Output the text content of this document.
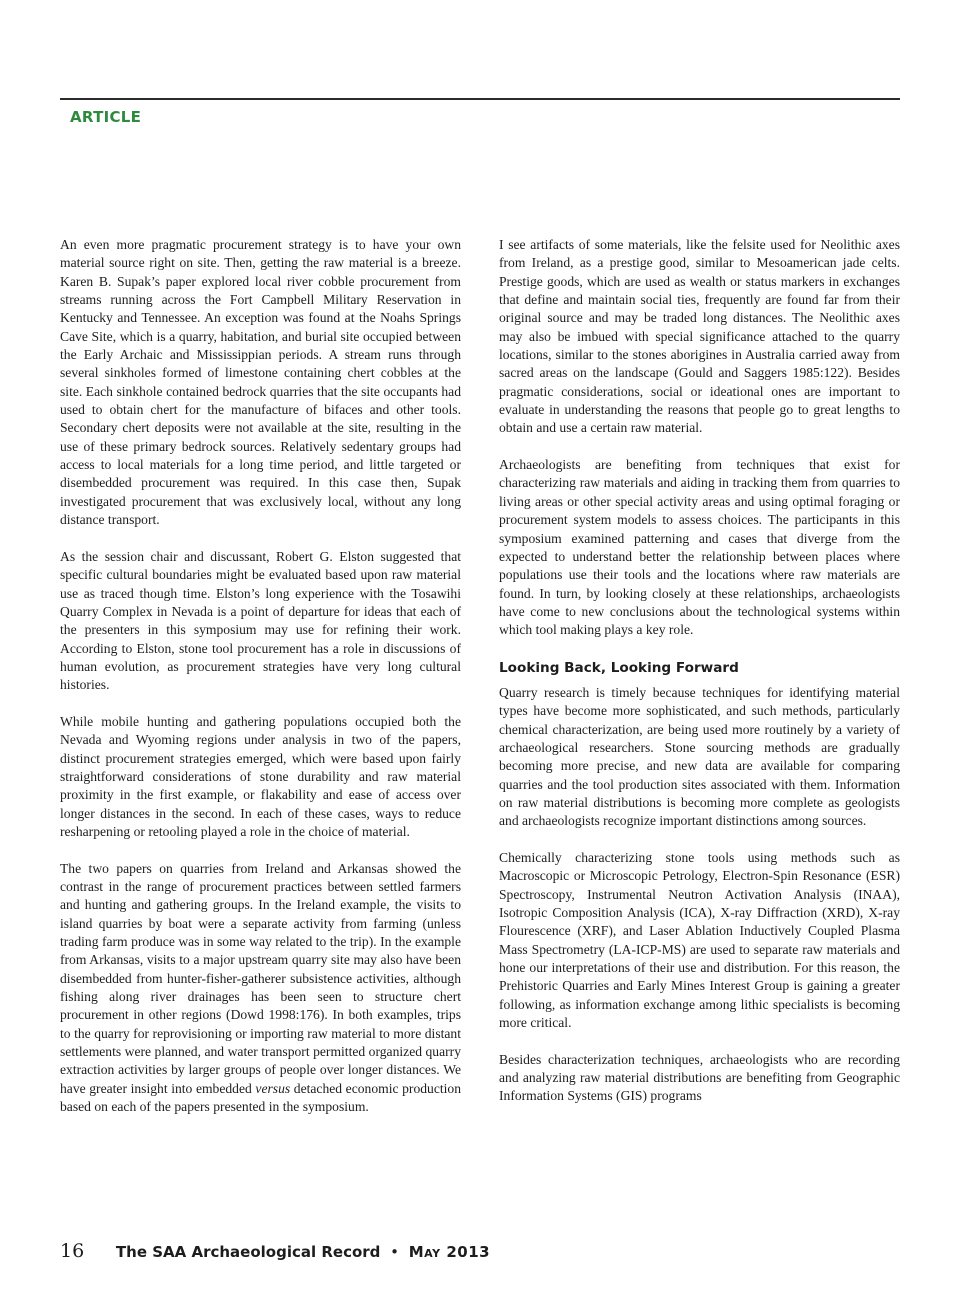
ARTICLE

An even more pragmatic procurement strategy is to have your own material source right on site. Then, getting the raw material is a breeze. Karen B. Supak’s paper explored local river cobble procurement from streams running across the Fort Campbell Military Reservation in Kentucky and Tennessee. An exception was found at the Noahs Springs Cave Site, which is a quarry, habitation, and burial site occupied between the Early Archaic and Mississippian periods. A stream runs through several sinkholes formed of limestone containing chert cobbles at the site. Each sinkhole contained bedrock quarries that the site occupants had used to obtain chert for the manufacture of bifaces and other tools. Secondary chert deposits were not available at the site, resulting in the use of these primary bedrock sources. Relatively sedentary groups had access to local materials for a long time period, and little targeted or disembedded procurement was required. In this case then, Supak investigated procurement that was exclusively local, without any long distance transport.

As the session chair and discussant, Robert G. Elston suggested that specific cultural boundaries might be evaluated based upon raw material use as traced though time. Elston’s long experience with the Tosawihi Quarry Complex in Nevada is a point of departure for ideas that each of the presenters in this symposium may use for refining their work. According to Elston, stone tool procurement has a role in discussions of human evolution, as procurement strategies have very long cultural histories.

While mobile hunting and gathering populations occupied both the Nevada and Wyoming regions under analysis in two of the papers, distinct procurement strategies emerged, which were based upon fairly straightforward considerations of stone durability and raw material proximity in the first example, or flakability and ease of access over longer distances in the second. In each of these cases, ways to reduce resharpening or retooling played a role in the choice of material.

The two papers on quarries from Ireland and Arkansas showed the contrast in the range of procurement practices between settled farmers and hunting and gathering groups. In the Ireland example, the visits to island quarries by boat were a separate activity from farming (unless trading farm produce was in some way related to the trip). In the example from Arkansas, visits to a major upstream quarry site may also have been disembedded from hunter-fisher-gatherer subsistence activities, although fishing along river drainages has been seen to structure chert procurement in other regions (Dowd 1998:176). In both examples, trips to the quarry for reprovisioning or importing raw material to more distant settlements were planned, and water transport permitted organized quarry extraction activities by larger groups of people over longer distances. We have greater insight into embedded versus detached economic production based on each of the papers presented in the symposium.

I see artifacts of some materials, like the felsite used for Neolithic axes from Ireland, as a prestige good, similar to Mesoamerican jade celts. Prestige goods, which are used as wealth or status markers in exchanges that define and maintain social ties, frequently are found far from their original source and may be traded long distances. The Neolithic axes may also be imbued with special significance attached to the quarry locations, similar to the stones aborigines in Australia carried away from sacred areas on the landscape (Gould and Saggers 1985:122). Besides pragmatic considerations, social or ideational ones are important to evaluate in understanding the reasons that people go to great lengths to obtain and use a certain raw material.

Archaeologists are benefiting from techniques that exist for characterizing raw materials and aiding in tracking them from quarries to living areas or other special activity areas and using optimal foraging or procurement system models to assess choices. The participants in this symposium examined patterning and cases that diverge from the expected to understand better the relationship between places where populations use their tools and the locations where raw materials are found. In turn, by looking closely at these relationships, archaeologists have come to new conclusions about the technological systems within which tool making plays a key role.

Looking Back, Looking Forward

Quarry research is timely because techniques for identifying material types have become more sophisticated, and such methods, particularly chemical characterization, are being used more routinely by a variety of archaeological researchers. Stone sourcing methods are gradually becoming more precise, and new data are available for comparing quarries and the tool production sites associated with them. Information on raw material distributions is becoming more complete as geologists and archaeologists recognize important distinctions among sources.

Chemically characterizing stone tools using methods such as Macroscopic or Microscopic Petrology, Electron-Spin Resonance (ESR) Spectroscopy, Instrumental Neutron Activation Analysis (INAA), Isotropic Composition Analysis (ICA), X-ray Diffraction (XRD), X-ray Flourescence (XRF), and Laser Ablation Inductively Coupled Plasma Mass Spectrometry (LA-ICP-MS) are used to separate raw materials and hone our interpretations of their use and distribution. For this reason, the Prehistoric Quarries and Early Mines Interest Group is gaining a greater following, as information exchange among lithic specialists is becoming more critical.

Besides characterization techniques, archaeologists who are recording and analyzing raw material distributions are benefiting from Geographic Information Systems (GIS) programs

16 The SAA Archaeological Record • May 2013
